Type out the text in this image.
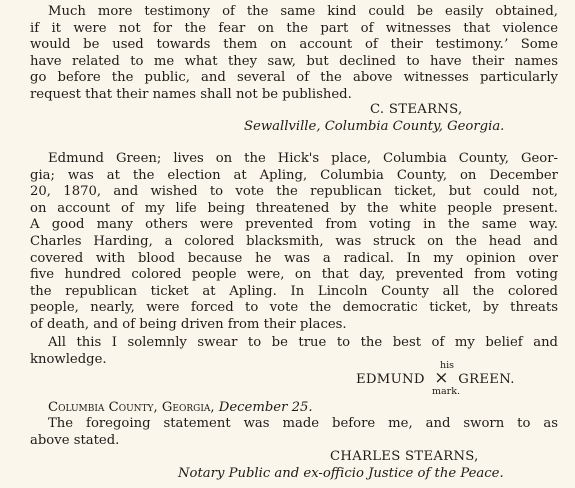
Much more testimony of the same kind could be easily obtained,
if it were not for the fear on the part of witnesses that violence
would be used towards them on account of their testimony.ʼ Some
have related to me what they saw, but declined to have their names
go before the public, and several of the above witnesses particularly
request that their names shall not be published.
C. STEARNS,
Sewallville, Columbia County, Georgia.
Edmund Green; lives on the Hick's place, Columbia County, Geor-
gia; was at the election at Apling, Columbia County, on December
20, 1870, and wished to vote the republican ticket, but could not,
on account of my life being threatened by the white people present.
A good many others were prevented from voting in the same way.
Charles Harding, a colored blacksmith, was struck on the head and
covered with blood because he was a radical. In my opinion over
five hundred colored people were, on that day, prevented from voting
the republican ticket at Apling. In Lincoln County all the colored
people, nearly, were forced to vote the democratic ticket, by threats
of death, and of being driven from their places.
All this I solemnly swear to be true to the best of my belief and
knowledge.	his
EDMUND × GREEN.
mark.
Columbia County, Georgia, December 25.
The foregoing statement was made before me, and sworn to as
above stated.
CHARLES STEARNS,
Notary Public and ex-officio Justice of the Peace.
